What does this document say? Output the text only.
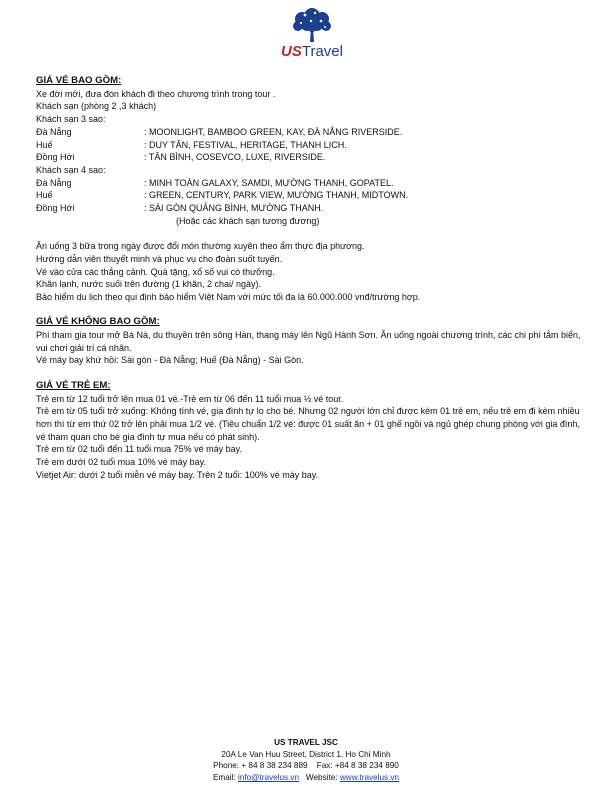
USTravel

GIÁ VÉ BAO GỒM:

Xe đời mới, đưa đón khách đi theo chương trình trong tour .

Khách sạn (phòng 2 ,3 khách)

Khách sạn 3 sao:

Đà Nẵng	: MOONLIGHT, BAMBOO GREEN, KAY, ĐÀ NẴNG RIVERSIDE.
Huế	: DUY TÂN, FESTIVAL, HERITAGE, THANH LỊCH.
Đồng Hới	: TÂN BÌNH, COSEVCO, LUXE, RIVERSIDE.

Khách sạn 4 sao:

Đà Nẵng	: MINH TOÀN GALAXY, SAMDI, MƯỜNG THANH, GOPATEL.
Huế	: GREEN, CENTURY, PARK VIEW, MƯỜNG THANH, MIDTOWN.
Đồng Hới	: SÀI GÒN QUẢNG BÌNH, MƯỜNG THANH.

(Hoặc các khách sạn tương đương)

Ăn uống 3 bữa trong ngày được đổi món thường xuyên theo ẩm thực địa phương.

Hướng dẫn viên thuyết minh và phục vụ cho đoàn suốt tuyến.

Vé vào cửa các thắng cảnh. Quà tặng, xổ số vui có thưởng.

Khăn lạnh, nước suối trên đường (1 khăn, 2 chai/ ngày).

Bảo hiểm du lịch theo qui định bảo hiểm Việt Nam với mức tối đa là 60.000.000 vnđ/trường hợp.

GIÁ VÉ KHÔNG BAO GỒM:

Phí tham gia tour mở Bà Nà, du thuyền trên sông Hàn, thang máy lên Ngũ Hành Sơn. Ăn uống ngoài chương trình, các chi phí tắm biển, vui chơi giải trí cá nhân.

Vé máy bay khứ hồi: Sài gòn - Đà Nẵng; Huế (Đà Nẵng) - Sài Gòn.

GIÁ VÉ TRẺ EM:

Trẻ em từ 12 tuổi trở lên mua 01 vé.-Trẻ em từ 06 đến 11 tuổi mua ½ vé tour.

Trẻ em từ 05 tuổi trở xuống: Không tính vé, gia đình tự lo cho bé. Nhưng 02 người lớn chỉ được kèm 01 trẻ em, nếu trẻ em đi kèm nhiều hơn thì từ em thứ 02 trở lên phải mua 1/2 vé. (Tiêu chuẩn 1/2 vé: được 01 suất ăn + 01 ghế ngồi và ngủ ghép chung phòng với gia đình, vé tham quan cho bé gia đình tự mua nếu có phát sinh).

Trẻ em từ 02 tuổi đến 11 tuổi mua 75% vé máy bay.

Trẻ em dưới 02 tuổi mua 10% vé máy bay.

Vietjet Air: dưới 2 tuổi miễn vé máy bay. Trên 2 tuổi: 100% vé máy bay.

US TRAVEL JSC
20A Le Van Huu Street, District 1, Ho Chi Minh
Phone: + 84 8 38 234 889    Fax: +84 8 38 234 890
Email: info@travelus.vn   Website: www.travelus.vn
